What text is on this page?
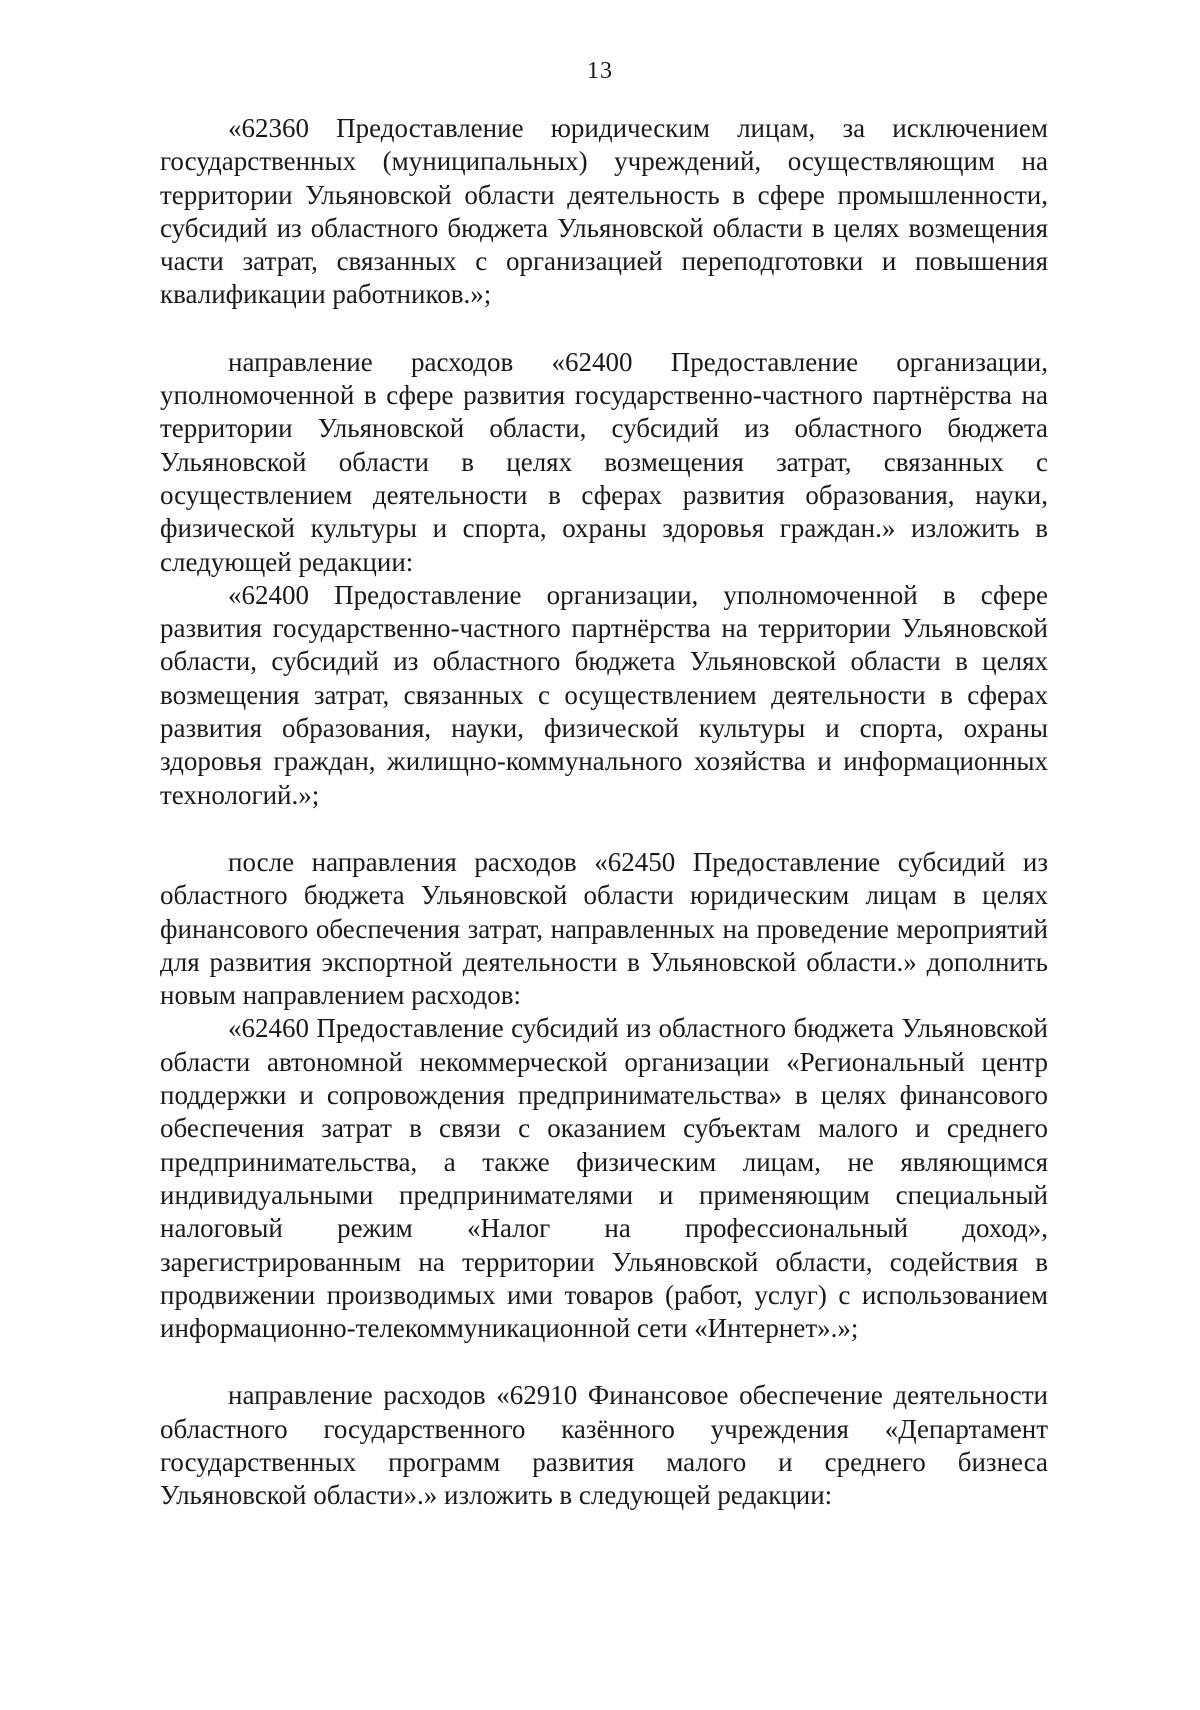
13

«62360 Предоставление юридическим лицам, за исключением государственных (муниципальных) учреждений, осуществляющим на территории Ульяновской области деятельность в сфере промышленности, субсидий из областного бюджета Ульяновской области в целях возмещения части затрат, связанных с организацией переподготовки и повышения квалификации работников.»;

направление расходов «62400 Предоставление организации, уполномоченной в сфере развития государственно-частного партнёрства на территории Ульяновской области, субсидий из областного бюджета Ульяновской области в целях возмещения затрат, связанных с осуществлением деятельности в сферах развития образования, науки, физической культуры и спорта, охраны здоровья граждан.» изложить в следующей редакции:

«62400 Предоставление организации, уполномоченной в сфере развития государственно-частного партнёрства на территории Ульяновской области, субсидий из областного бюджета Ульяновской области в целях возмещения затрат, связанных с осуществлением деятельности в сферах развития образования, науки, физической культуры и спорта, охраны здоровья граждан, жилищно-коммунального хозяйства и информационных технологий.»;

после направления расходов «62450 Предоставление субсидий из областного бюджета Ульяновской области юридическим лицам в целях финансового обеспечения затрат, направленных на проведение мероприятий для развития экспортной деятельности в Ульяновской области.» дополнить новым направлением расходов:

«62460 Предоставление субсидий из областного бюджета Ульяновской области автономной некоммерческой организации «Региональный центр поддержки и сопровождения предпринимательства» в целях финансового обеспечения затрат в связи с оказанием субъектам малого и среднего предпринимательства, а также физическим лицам, не являющимся индивидуальными предпринимателями и применяющим специальный налоговый режим «Налог на профессиональный доход», зарегистрированным на территории Ульяновской области, содействия в продвижении производимых ими товаров (работ, услуг) с использованием информационно-телекоммуникационной сети «Интернет».»;

направление расходов «62910 Финансовое обеспечение деятельности областного государственного казённого учреждения «Департамент государственных программ развития малого и среднего бизнеса Ульяновской области».» изложить в следующей редакции:
